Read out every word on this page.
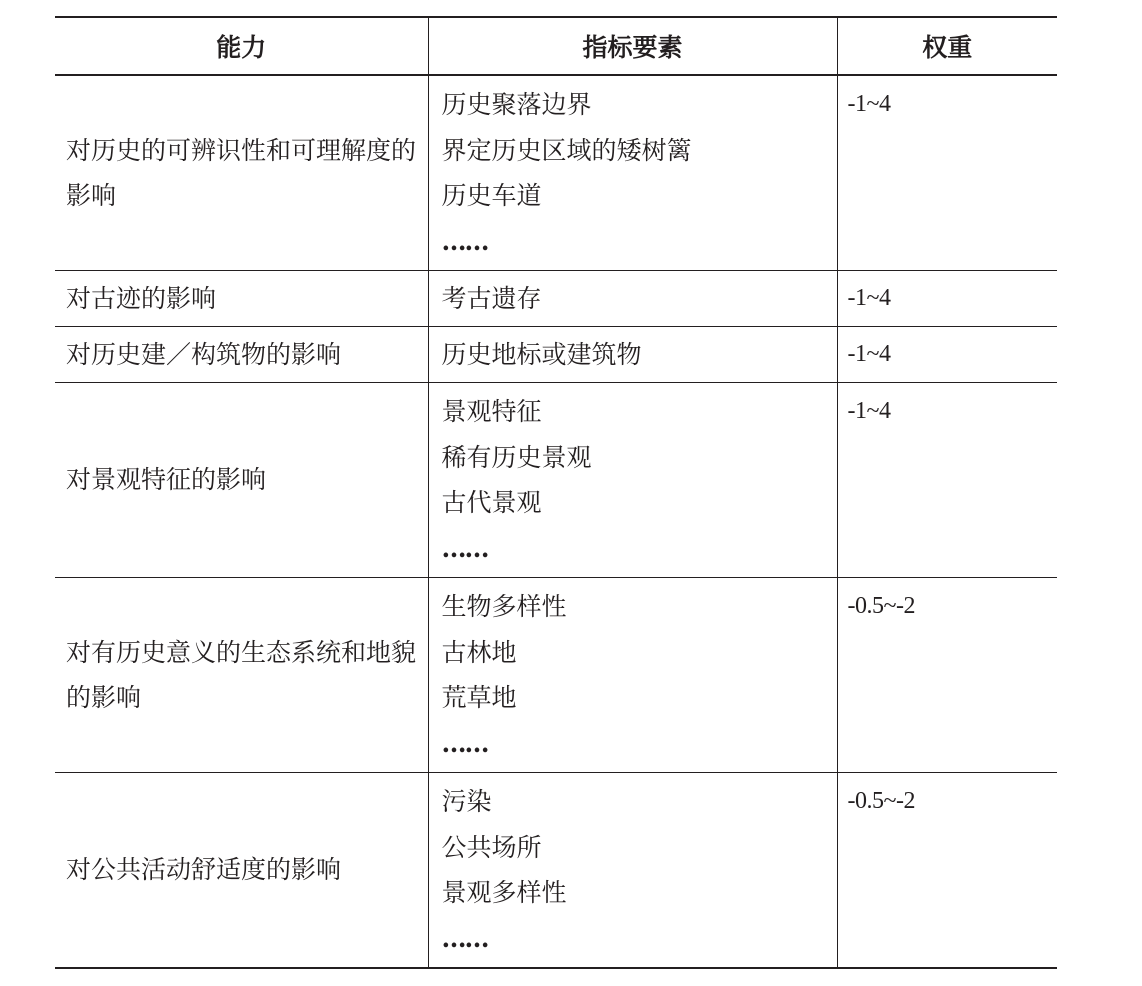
能力	指标要素	权重

对历史的可辨识性和可理解度的影响	历史聚落边界
界定历史区域的矮树篱
历史车道
……	-1~4

对古迹的影响	考古遗存	-1~4

对历史建／构筑物的影响	历史地标或建筑物	-1~4

对景观特征的影响	景观特征
稀有历史景观
古代景观
……	-1~4

对有历史意义的生态系统和地貌的影响	生物多样性
古林地
荒草地
……	-0.5~-2

对公共活动舒适度的影响	污染
公共场所
景观多样性
……	-0.5~-2
